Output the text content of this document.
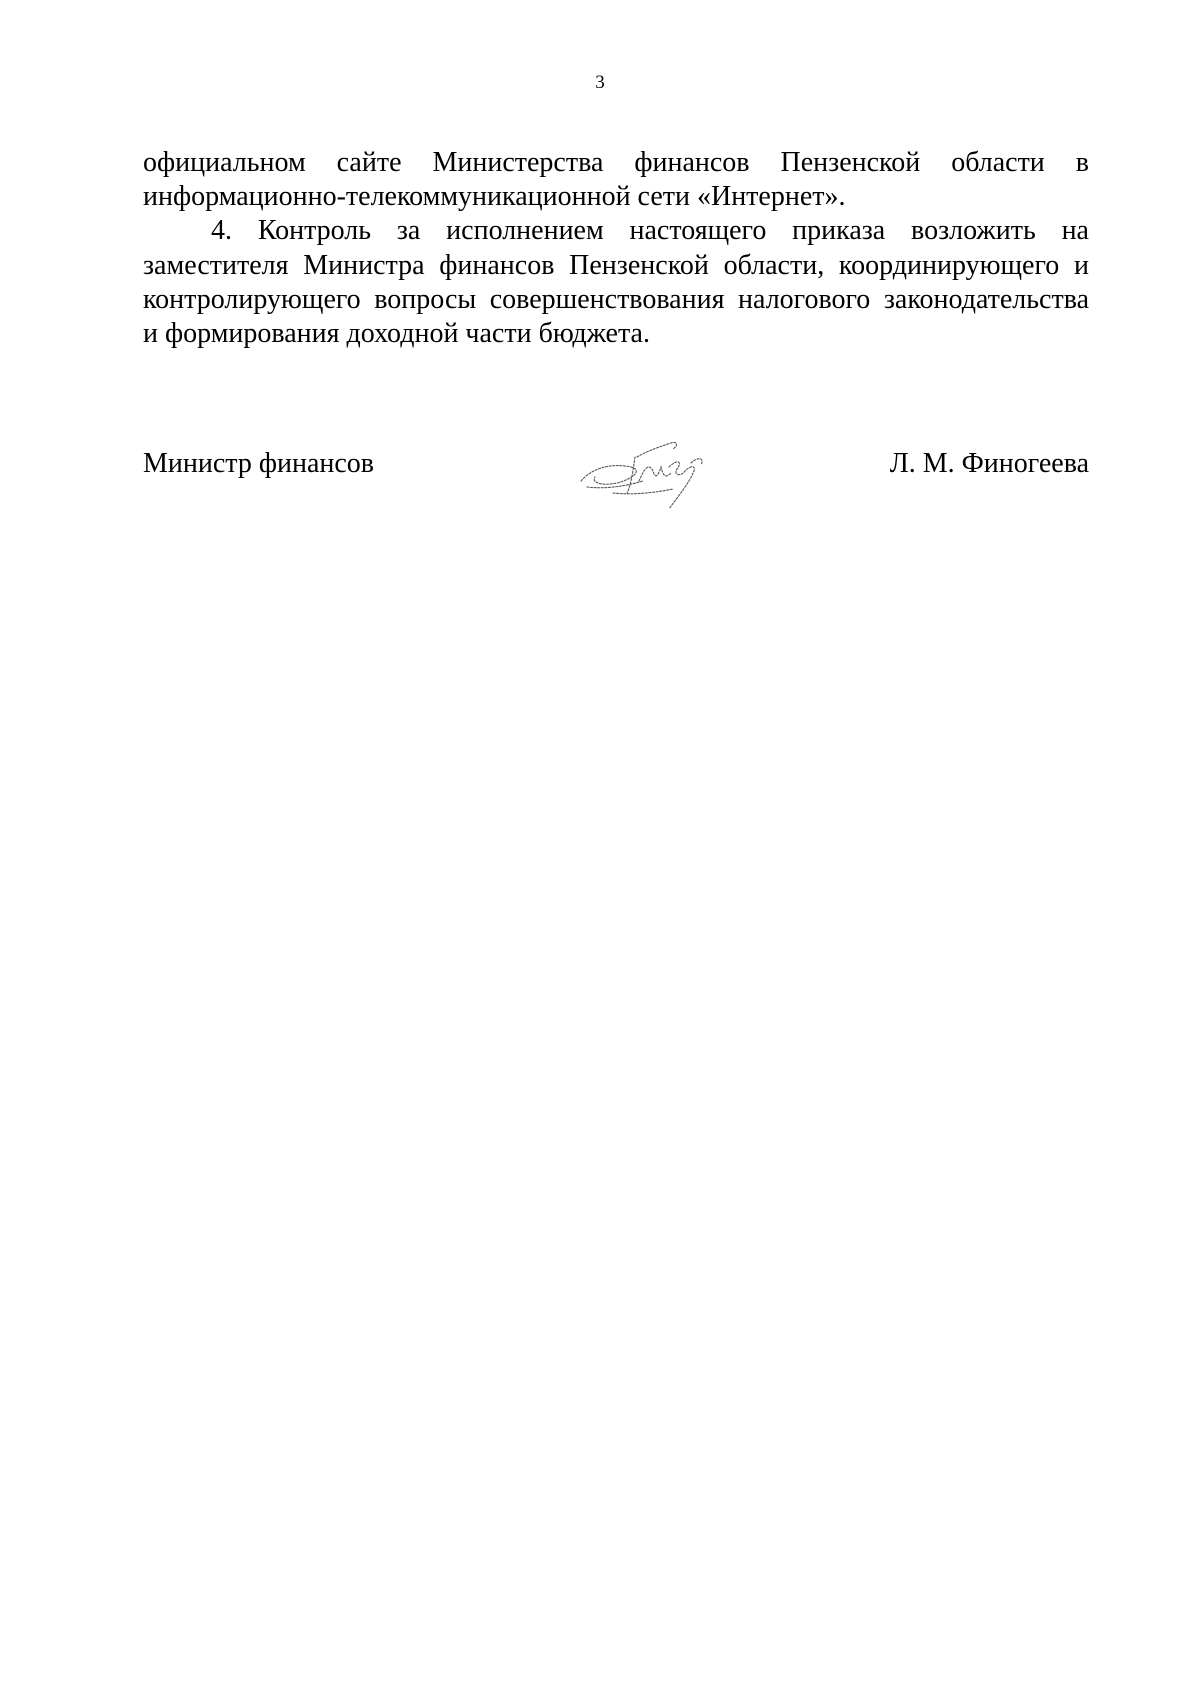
3

официальном сайте Министерства финансов Пензенской области в

информационно-телекоммуникационной сети «Интернет».

4. Контроль за исполнением настоящего приказа возложить на

заместителя Министра финансов Пензенской области, координирующего и

контролирующего вопросы совершенствования налогового законодательства

и формирования доходной части бюджета.

Министр финансов	Л. М. Финогеева
